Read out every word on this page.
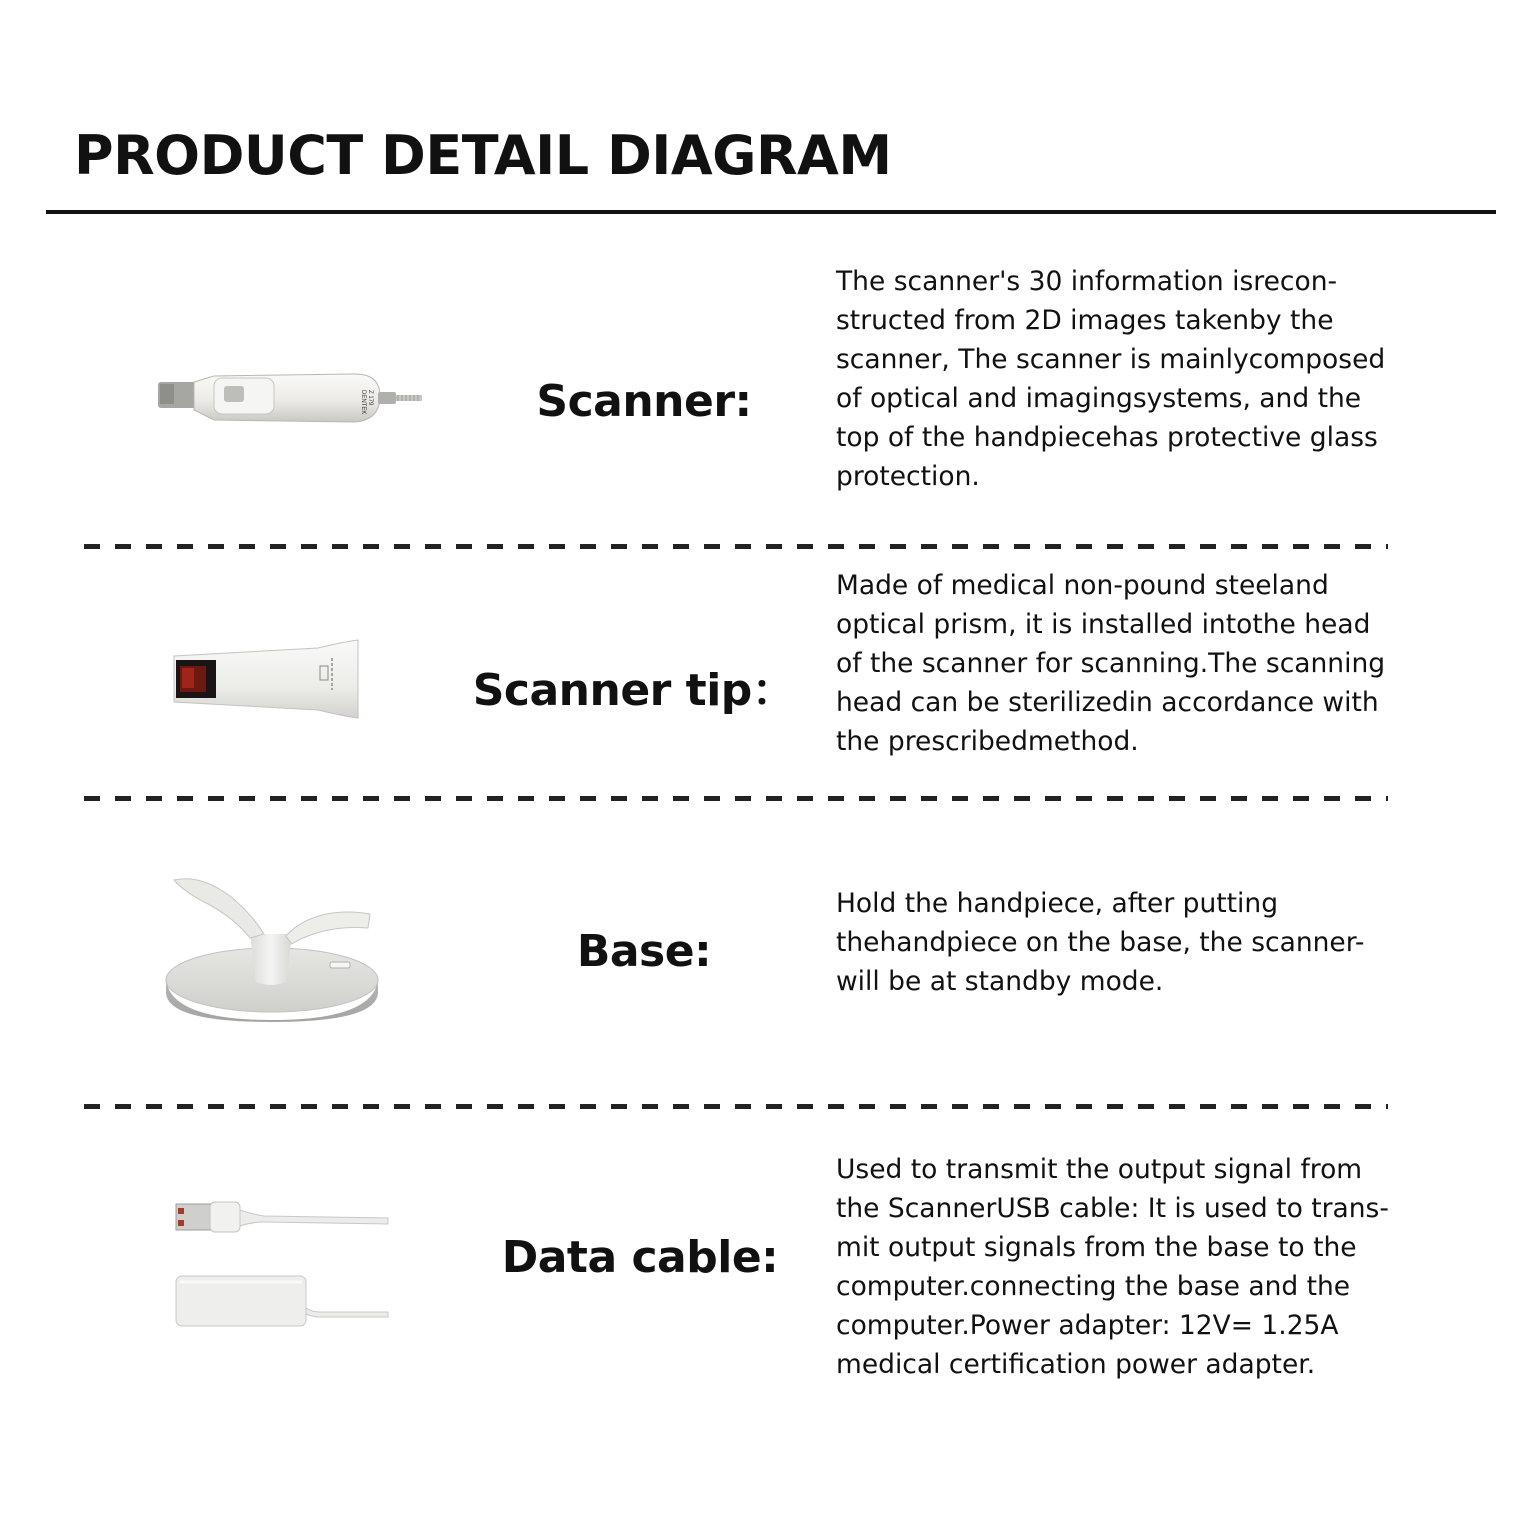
PRODUCT DETAIL DIAGRAM
DENTEK Z 179	Scanner:

The scanner's 30 information isrecon-
structed from 2D images takenby the
scanner, The scanner is mainlycomposed
of optical and imagingsystems, and the
top of the handpiecehas protective glass
protection.

Scanner tip：

Made of medical non-pound steeland
optical prism, it is installed intothe head
of the scanner for scanning.The scanning
head can be sterilizedin accordance with
the prescribedmethod.

Base:

Hold the handpiece, after putting
thehandpiece on the base, the scanner-
will be at standby mode.

Data cable:

Used to transmit the output signal from
the ScannerUSB cable: It is used to trans-
mit output signals from the base to the
computer.connecting the base and the
computer.Power adapter: 12V= 1.25A
medical certification power adapter.
